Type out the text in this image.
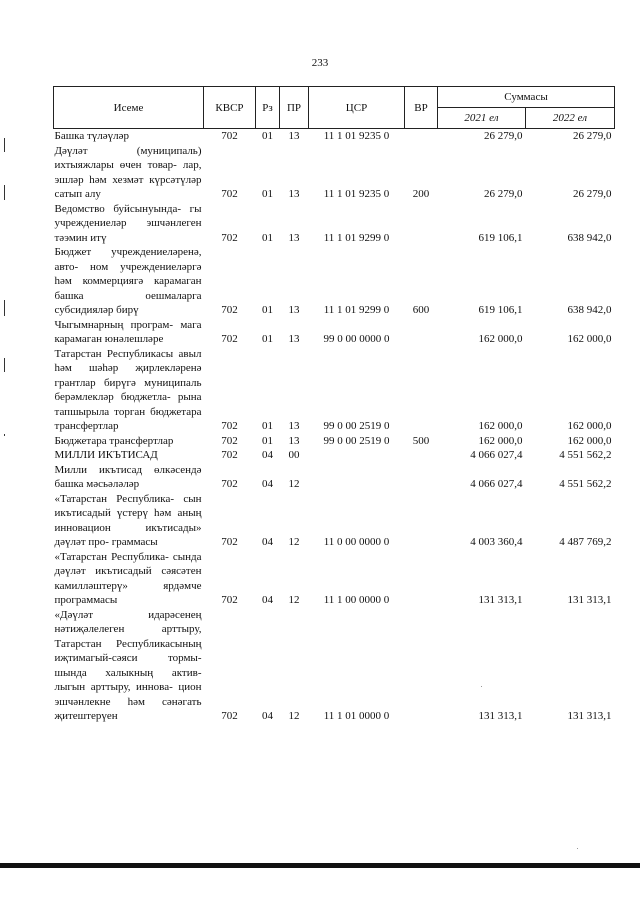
233
Исеме	КВСР	Рз	ПР	ЦСР	ВР	Суммасы	
						2021 ел	2022 ел
Башка түләүләр	702	01	13	11 1 01 9235 0		26 279,0	26 279,0
Дәүләт (муниципаль) ихтыяжлары өчен товар- лар, эшләр һәм хезмәт күрсәтүләр сатып алу	702	01	13	11 1 01 9235 0	200	26 279,0	26 279,0
Ведомство буйсынуында- гы учреждениеләр эшчәнлеген тәэмин итү	702	01	13	11 1 01 9299 0		619 106,1	638 942,0
Бюджет учреждениеләренә, авто- ном учреждениеләргә һәм коммерциягә карамаган башка оешмаларга субсидияләр бирү	702	01	13	11 1 01 9299 0	600	619 106,1	638 942,0
Чыгымнарның програм- мага карамаган юнәлешләре	702	01	13	99 0 00 0000 0		162 000,0	162 000,0
Татарстан Республикасы авыл һәм шәһәр җирлекләренә грантлар бирүгә муниципаль берәмлекләр бюджетла- рына тапшырыла торган бюджетара трансфертлар	702	01	13	99 0 00 2519 0		162 000,0	162 000,0
Бюджетара трансфертлар	702	01	13	99 0 00 2519 0	500	162 000,0	162 000,0
МИЛЛИ ИКЪТИСАД	702	04	00			4 066 027,4	4 551 562,2
Милли икътисад өлкәсендә башка мәсьәләләр	702	04	12			4 066 027,4	4 551 562,2
«Татарстан Республика- сын икътисадый үстерү һәм аның инновацион икътисады» дәүләт про- граммасы	702	04	12	11 0 00 0000 0		4 003 360,4	4 487 769,2
«Татарстан Республика- сында дәүләт икътисадый сәясәтен камилләштерү» ярдәмче программасы	702	04	12	11 1 00 0000 0		131 313,1	131 313,1
«Дәүләт идарәсенең нәтиҗәлелеген арттыру, Татарстан Республикасының иҗтимагый-сәяси тормы- шында халыкның актив- лыгын арттыру, иннова- цион эшчәнлекне һәм сәнәгать җитештерүен	702	04	12	11 1 01 0000 0		131 313,1	131 313,1
